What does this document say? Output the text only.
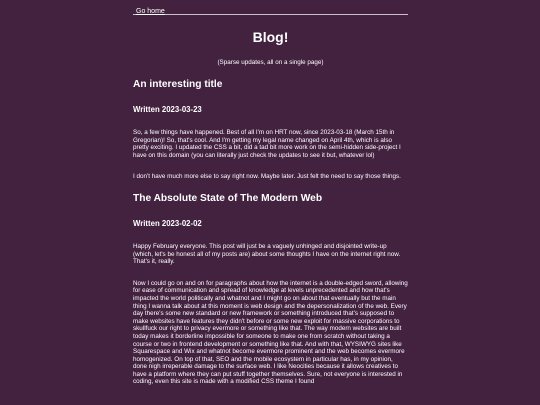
Go home
Blog!
(Sparse updates, all on a single page)
An interesting title
Written 2023-03-23

So, a few things have happened. Best of all I'm on HRT now, since 2023-03-18 (March 15th in Gregorian)! So, that's cool. And I'm getting my legal name changed on April 4th, which is also pretty exciting. I updated the CSS a bit, did a tad bit more work on the semi-hidden side-project I have on this domain (you can literally just check the updates to see it but, whatever lol)

I don't have much more else to say right now. Maybe later. Just felt the need to say those things.

The Absolute State of The Modern Web
Written 2023-02-02

Happy February everyone. This post will just be a vaguely unhinged and disjointed write-up (which, let's be honest all of my posts are) about some thoughts I have on the internet right now. That's it, really.

Now I could go on and on for paragraphs about how the internet is a double-edged sword, allowing for ease of communication and spread of knowledge at levels unprecedented and how that's impacted the world politically and whatnot and I might go on about that eventually but the main thing I wanna talk about at this moment is web design and the depersonalization of the web. Every day there's some new standard or new framework or something introduced that's supposed to make websites have features they didn't before or some new exploit for massive corporations to skullfuck our right to privacy evermore or something like that. The way modern websites are built today makes it borderline impossible for someone to make one from scratch without taking a course or two in frontend development or something like that. And with that, WYSIWYG sites like Squarespace and Wix and whatnot become evermore prominent and the web becomes evermore homogenized. On top of that, SEO and the mobile ecosystem in particular has, in my opinion, done nigh irreperable damage to the surface web. I like Neocities because it allows creatives to have a platform where they can put stuff together themselves. Sure, not everyone is interested in coding, even this site is made with a modified CSS theme I found
